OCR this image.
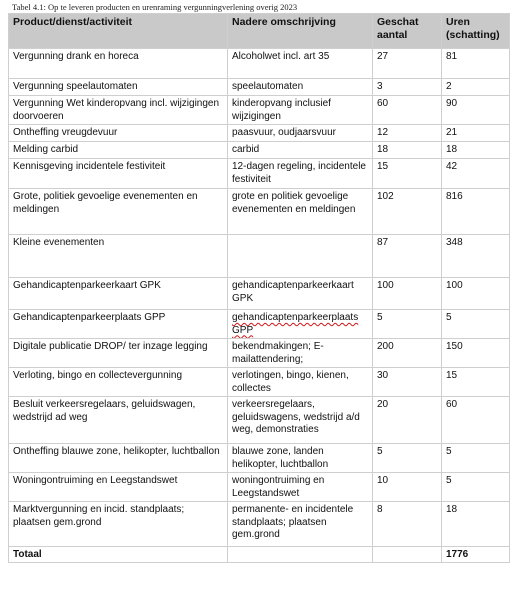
Tabel 4.1: Op te leveren producten en urenraming vergunningverlening overig 2023
Product/dienst/activiteit	Nadere omschrijving	Geschat aantal	Uren (schatting)
Vergunning drank en horeca	Alcoholwet incl. art 35	27	81
Vergunning speelautomaten	speelautomaten	3	2
Vergunning Wet kinderopvang incl. wijzigingen doorvoeren	kinderopvang inclusief wijzigingen	60	90
Ontheffing vreugdevuur	paasvuur, oudjaarsvuur	12	21
Melding carbid	carbid	18	18
Kennisgeving incidentele festiviteit	12-dagen regeling, incidentele festiviteit	15	42
Grote, politiek gevoelige evenementen en meldingen	grote en politiek gevoelige evenementen en meldingen	102	816
Kleine evenementen		87	348
Gehandicaptenparkeerkaart GPK	gehandicaptenparkeerkaart GPK	100	100
Gehandicaptenparkeerplaats GPP	gehandicaptenparkeerplaats GPP	5	5
Digitale publicatie DROP/ ter inzage legging	bekendmakingen; E-mailattendering;	200	150
Verloting, bingo en collectevergunning	verlotingen, bingo, kienen, collectes	30	15
Besluit verkeersregelaars, geluidswagen, wedstrijd ad weg	verkeersregelaars, geluidswagens, wedstrijd a/d weg, demonstraties	20	60
Ontheffing blauwe zone, helikopter, luchtballon	blauwe zone, landen helikopter, luchtballon	5	5
Woningontruiming en Leegstandswet	woningontruiming en Leegstandswet	10	5
Marktvergunning en incid. standplaats; plaatsen gem.grond	permanente- en incidentele standplaats; plaatsen gem.grond	8	18
Totaal			1776
